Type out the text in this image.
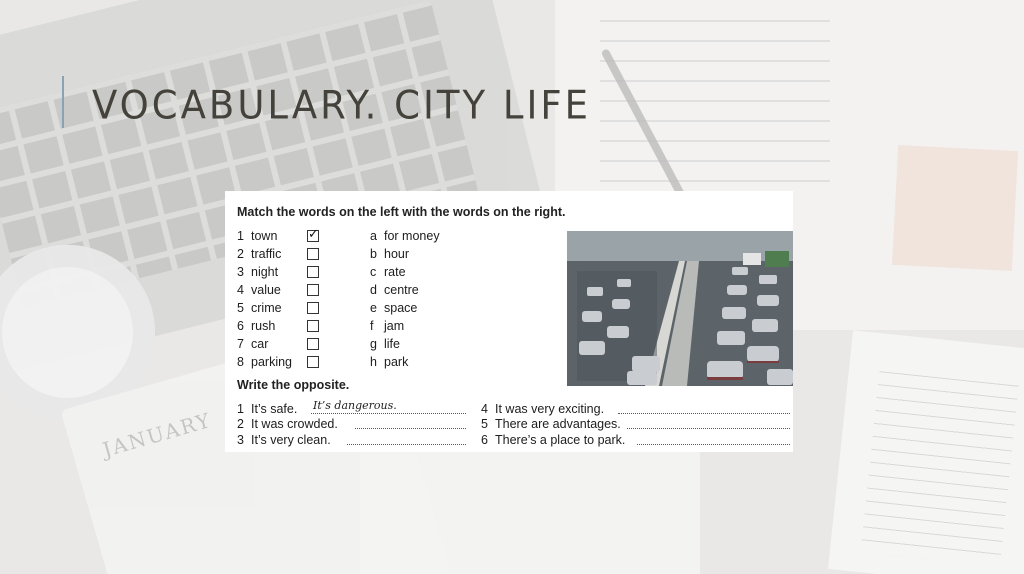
JANUARY
VOCABULARY. CITY LIFE
Match the words on the left with the words on the right.
1 town
2 traffic
3 night
4 value
5 crime
6 rush
7 car
8 parking
✓	a for money
b hour
c rate
d centre
e space
f jam
g life
h park
Write the opposite.
1 It’s safe. It’s dangerous.
2 It was crowded.
3 It’s very clean.
4 It was very exciting.
5 There are advantages.
6 There’s a place to park.
